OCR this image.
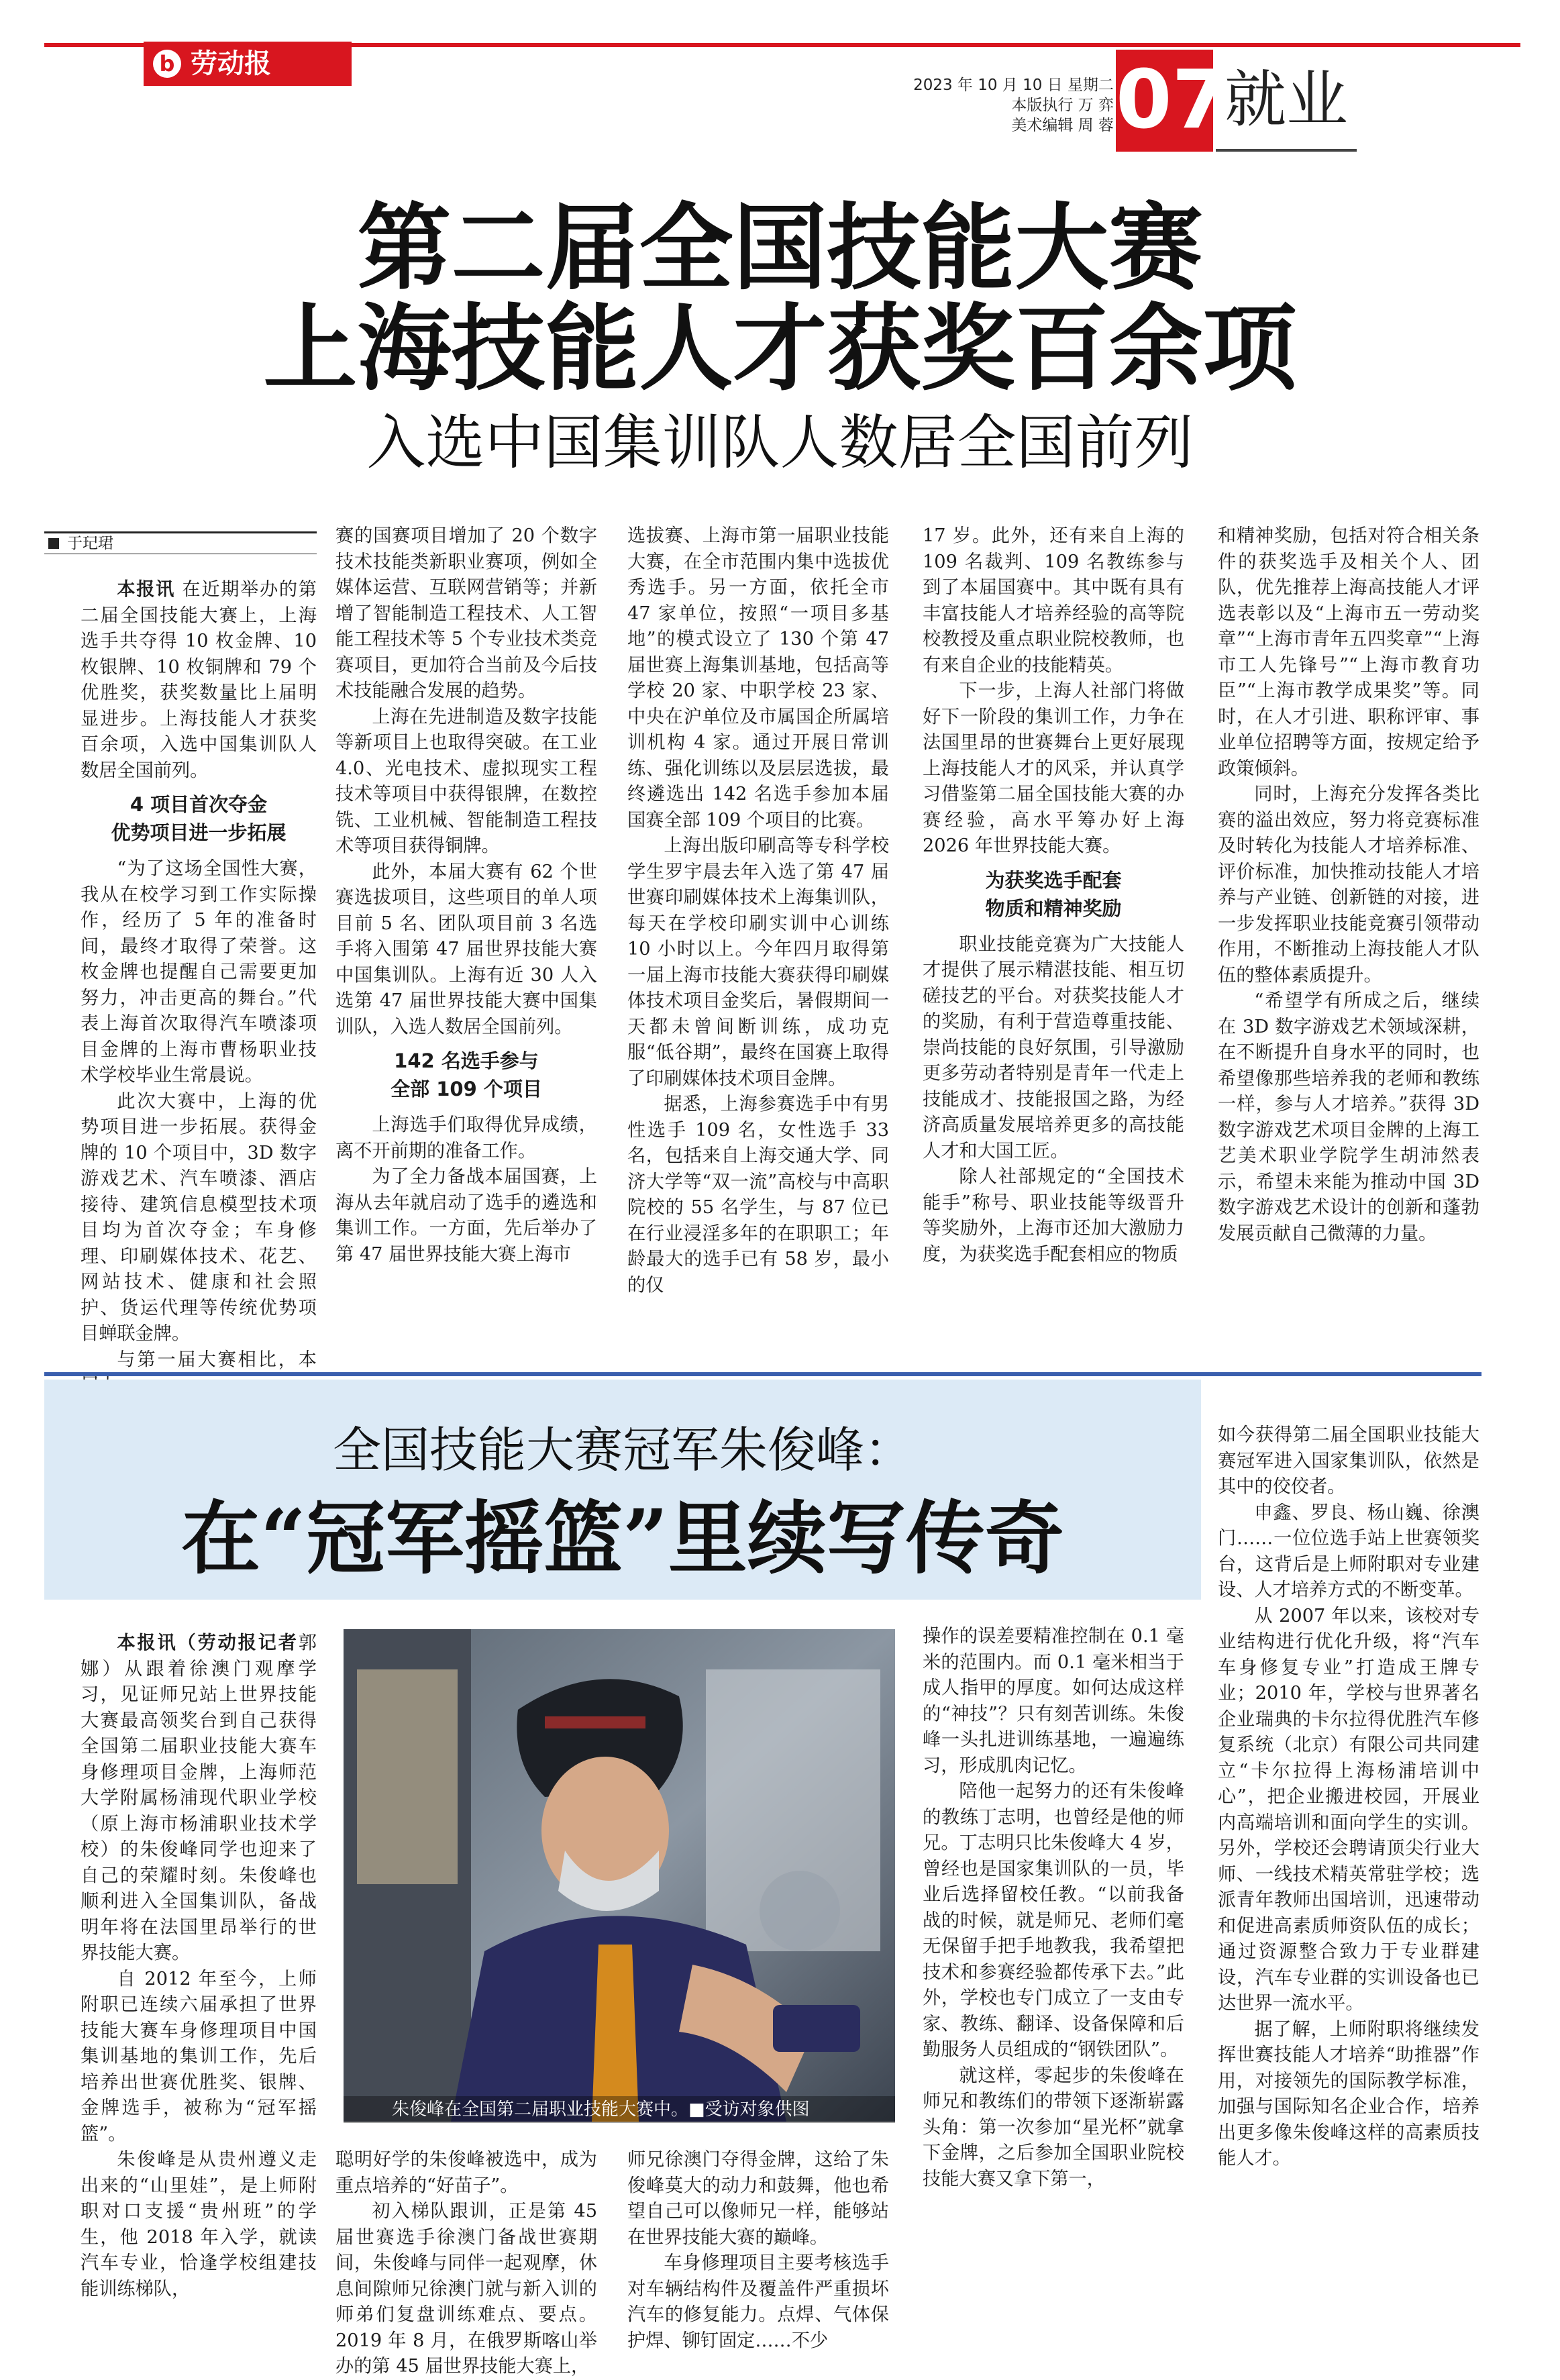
b 劳动报
2023 年 10 月 10 日 星期二
本版执行 万 弈
美术编辑 周 蓉 07
就业
第二届全国技能大赛
上海技能人才获奖百余项
入选中国集训队人数居全国前列
于玘珺

本报讯 在近期举办的第二届全国技能大赛上，上海选手共夺得 10 枚金牌、10 枚银牌、10 枚铜牌和 79 个优胜奖，获奖数量比上届明显进步。上海技能人才获奖百余项，入选中国集训队人数居全国前列。

4 项目首次夺金
优势项目进一步拓展

“为了这场全国性大赛，我从在校学习到工作实际操作，经历了 5 年的准备时间，最终才取得了荣誉。这枚金牌也提醒自己需要更加努力，冲击更高的舞台。”代表上海首次取得汽车喷漆项目金牌的上海市曹杨职业技术学校毕业生常晨说。

此次大赛中，上海的优势项目进一步拓展。获得金牌的 10 个项目中，3D 数字游戏艺术、汽车喷漆、酒店接待、建筑信息模型技术项目均为首次夺金；车身修理、印刷媒体技术、花艺、网站技术、健康和社会照护、货运代理等传统优势项目蝉联金牌。

与第一届大赛相比，本

赛的国赛项目增加了 20 个数字技术技能类新职业赛项，例如全媒体运营、互联网营销等；并新增了智能制造工程技术、人工智能工程技术等 5 个专业技术类竞赛项目，更加符合当前及今后技术技能融合发展的趋势。

上海在先进制造及数字技能等新项目上也取得突破。在工业 4.0、光电技术、虚拟现实工程技术等项目中获得银牌，在数控铣、工业机械、智能制造工程技术等项目获得铜牌。

此外，本届大赛有 62 个世赛选拔项目，这些项目的单人项目前 5 名、团队项目前 3 名选手将入围第 47 届世界技能大赛中国集训队。上海有近 30 人入选第 47 届世界技能大赛中国集训队，入选人数居全国前列。

142 名选手参与
全部 109 个项目

上海选手们取得优异成绩，离不开前期的准备工作。

为了全力备战本届国赛，上海从去年就启动了选手的遴选和集训工作。一方面，先后举办了第 47 届世界技能大赛上海市

选拔赛、上海市第一届职业技能大赛，在全市范围内集中选拔优秀选手。另一方面，依托全市 47 家单位，按照“一项目多基地”的模式设立了 130 个第 47 届世赛上海集训基地，包括高等学校 20 家、中职学校 23 家、中央在沪单位及市属国企所属培训机构 4 家。通过开展日常训练、强化训练以及层层选拔，最终遴选出 142 名选手参加本届国赛全部 109 个项目的比赛。

上海出版印刷高等专科学校学生罗宇晨去年入选了第 47 届世赛印刷媒体技术上海集训队，每天在学校印刷实训中心训练 10 小时以上。今年四月取得第一届上海市技能大赛获得印刷媒体技术项目金奖后，暑假期间一天都未曾间断训练，成功克服“低谷期”，最终在国赛上取得了印刷媒体技术项目金牌。

据悉，上海参赛选手中有男性选手 109 名，女性选手 33 名，包括来自上海交通大学、同济大学等“双一流”高校与中高职院校的 55 名学生，与 87 位已在行业浸淫多年的在职职工；年龄最大的选手已有 58 岁，最小的仅

17 岁。此外，还有来自上海的 109 名裁判、109 名教练参与到了本届国赛中。其中既有具有丰富技能人才培养经验的高等院校教授及重点职业院校教师，也有来自企业的技能精英。

下一步，上海人社部门将做好下一阶段的集训工作，力争在法国里昂的世赛舞台上更好展现上海技能人才的风采，并认真学习借鉴第二届全国技能大赛的办赛经验，高水平筹办好上海 2026 年世界技能大赛。

为获奖选手配套
物质和精神奖励

职业技能竞赛为广大技能人才提供了展示精湛技能、相互切磋技艺的平台。对获奖技能人才的奖励，有利于营造尊重技能、崇尚技能的良好氛围，引导激励更多劳动者特别是青年一代走上技能成才、技能报国之路，为经济高质量发展培养更多的高技能人才和大国工匠。

除人社部规定的“全国技术能手”称号、职业技能等级晋升等奖励外，上海市还加大激励力度，为获奖选手配套相应的物质

和精神奖励，包括对符合相关条件的获奖选手及相关个人、团队，优先推荐上海高技能人才评选表彰以及“上海市五一劳动奖章”“上海市青年五四奖章”“上海市工人先锋号”“上海市教育功臣”“上海市教学成果奖”等。同时，在人才引进、职称评审、事业单位招聘等方面，按规定给予政策倾斜。

同时，上海充分发挥各类比赛的溢出效应，努力将竞赛标准及时转化为技能人才培养标准、评价标准，加快推动技能人才培养与产业链、创新链的对接，进一步发挥职业技能竞赛引领带动作用，不断推动上海技能人才队伍的整体素质提升。

“希望学有所成之后，继续在 3D 数字游戏艺术领域深耕，在不断提升自身水平的同时，也希望像那些培养我的老师和教练一样，参与人才培养。”获得 3D 数字游戏艺术项目金牌的上海工艺美术职业学院学生胡沛然表示，希望未来能为推动中国 3D 数字游戏艺术设计的创新和蓬勃发展贡献自己微薄的力量。

全国技能大赛冠军朱俊峰：
在“冠军摇篮”里续写传奇
朱俊峰在全国第二届职业技能大赛中。■受访对象供图

本报讯（劳动报记者郭娜）从跟着徐澳门观摩学习，见证师兄站上世界技能大赛最高领奖台到自己获得全国第二届职业技能大赛车身修理项目金牌，上海师范大学附属杨浦现代职业学校（原上海市杨浦职业技术学校）的朱俊峰同学也迎来了自己的荣耀时刻。朱俊峰也顺利进入全国集训队，备战明年将在法国里昂举行的世界技能大赛。

自 2012 年至今，上师附职已连续六届承担了世界技能大赛车身修理项目中国集训基地的集训工作，先后培养出世赛优胜奖、银牌、金牌选手，被称为“冠军摇篮”。

朱俊峰是从贵州遵义走出来的“山里娃”，是上师附职对口支援“贵州班”的学生，他 2018 年入学，就读汽车专业，恰逢学校组建技能训练梯队，

聪明好学的朱俊峰被选中，成为重点培养的“好苗子”。

初入梯队跟训，正是第 45 届世赛选手徐澳门备战世赛期间，朱俊峰与同伴一起观摩，休息间隙师兄徐澳门就与新入训的师弟们复盘训练难点、要点。2019 年 8 月，在俄罗斯喀山举办的第 45 届世界技能大赛上，

师兄徐澳门夺得金牌，这给了朱俊峰莫大的动力和鼓舞，他也希望自己可以像师兄一样，能够站在世界技能大赛的巅峰。

车身修理项目主要考核选手对车辆结构件及覆盖件严重损坏汽车的修复能力。点焊、气体保护焊、铆钉固定……不少

操作的误差要精准控制在 0.1 毫米的范围内。而 0.1 毫米相当于成人指甲的厚度。如何达成这样的“神技”？只有刻苦训练。朱俊峰一头扎进训练基地，一遍遍练习，形成肌肉记忆。

陪他一起努力的还有朱俊峰的教练丁志明，也曾经是他的师兄。丁志明只比朱俊峰大 4 岁，曾经也是国家集训队的一员，毕业后选择留校任教。“以前我备战的时候，就是师兄、老师们毫无保留手把手地教我，我希望把技术和参赛经验都传承下去。”此外，学校也专门成立了一支由专家、教练、翻译、设备保障和后勤服务人员组成的“钢铁团队”。

就这样，零起步的朱俊峰在师兄和教练们的带领下逐渐崭露头角：第一次参加“星光杯”就拿下金牌，之后参加全国职业院校技能大赛又拿下第一，

如今获得第二届全国职业技能大赛冠军进入国家集训队，依然是其中的佼佼者。

申鑫、罗良、杨山巍、徐澳门……一位位选手站上世赛领奖台，这背后是上师附职对专业建设、人才培养方式的不断变革。

从 2007 年以来，该校对专业结构进行优化升级，将“汽车车身修复专业”打造成王牌专业；2010 年，学校与世界著名企业瑞典的卡尔拉得优胜汽车修复系统（北京）有限公司共同建立“卡尔拉得上海杨浦培训中心”，把企业搬进校园，开展业内高端培训和面向学生的实训。另外，学校还会聘请顶尖行业大师、一线技术精英常驻学校；选派青年教师出国培训，迅速带动和促进高素质师资队伍的成长；通过资源整合致力于专业群建设，汽车专业群的实训设备也已达世界一流水平。

据了解，上师附职将继续发挥世赛技能人才培养“助推器”作用，对接领先的国际教学标准，加强与国际知名企业合作，培养出更多像朱俊峰这样的高素质技能人才。
